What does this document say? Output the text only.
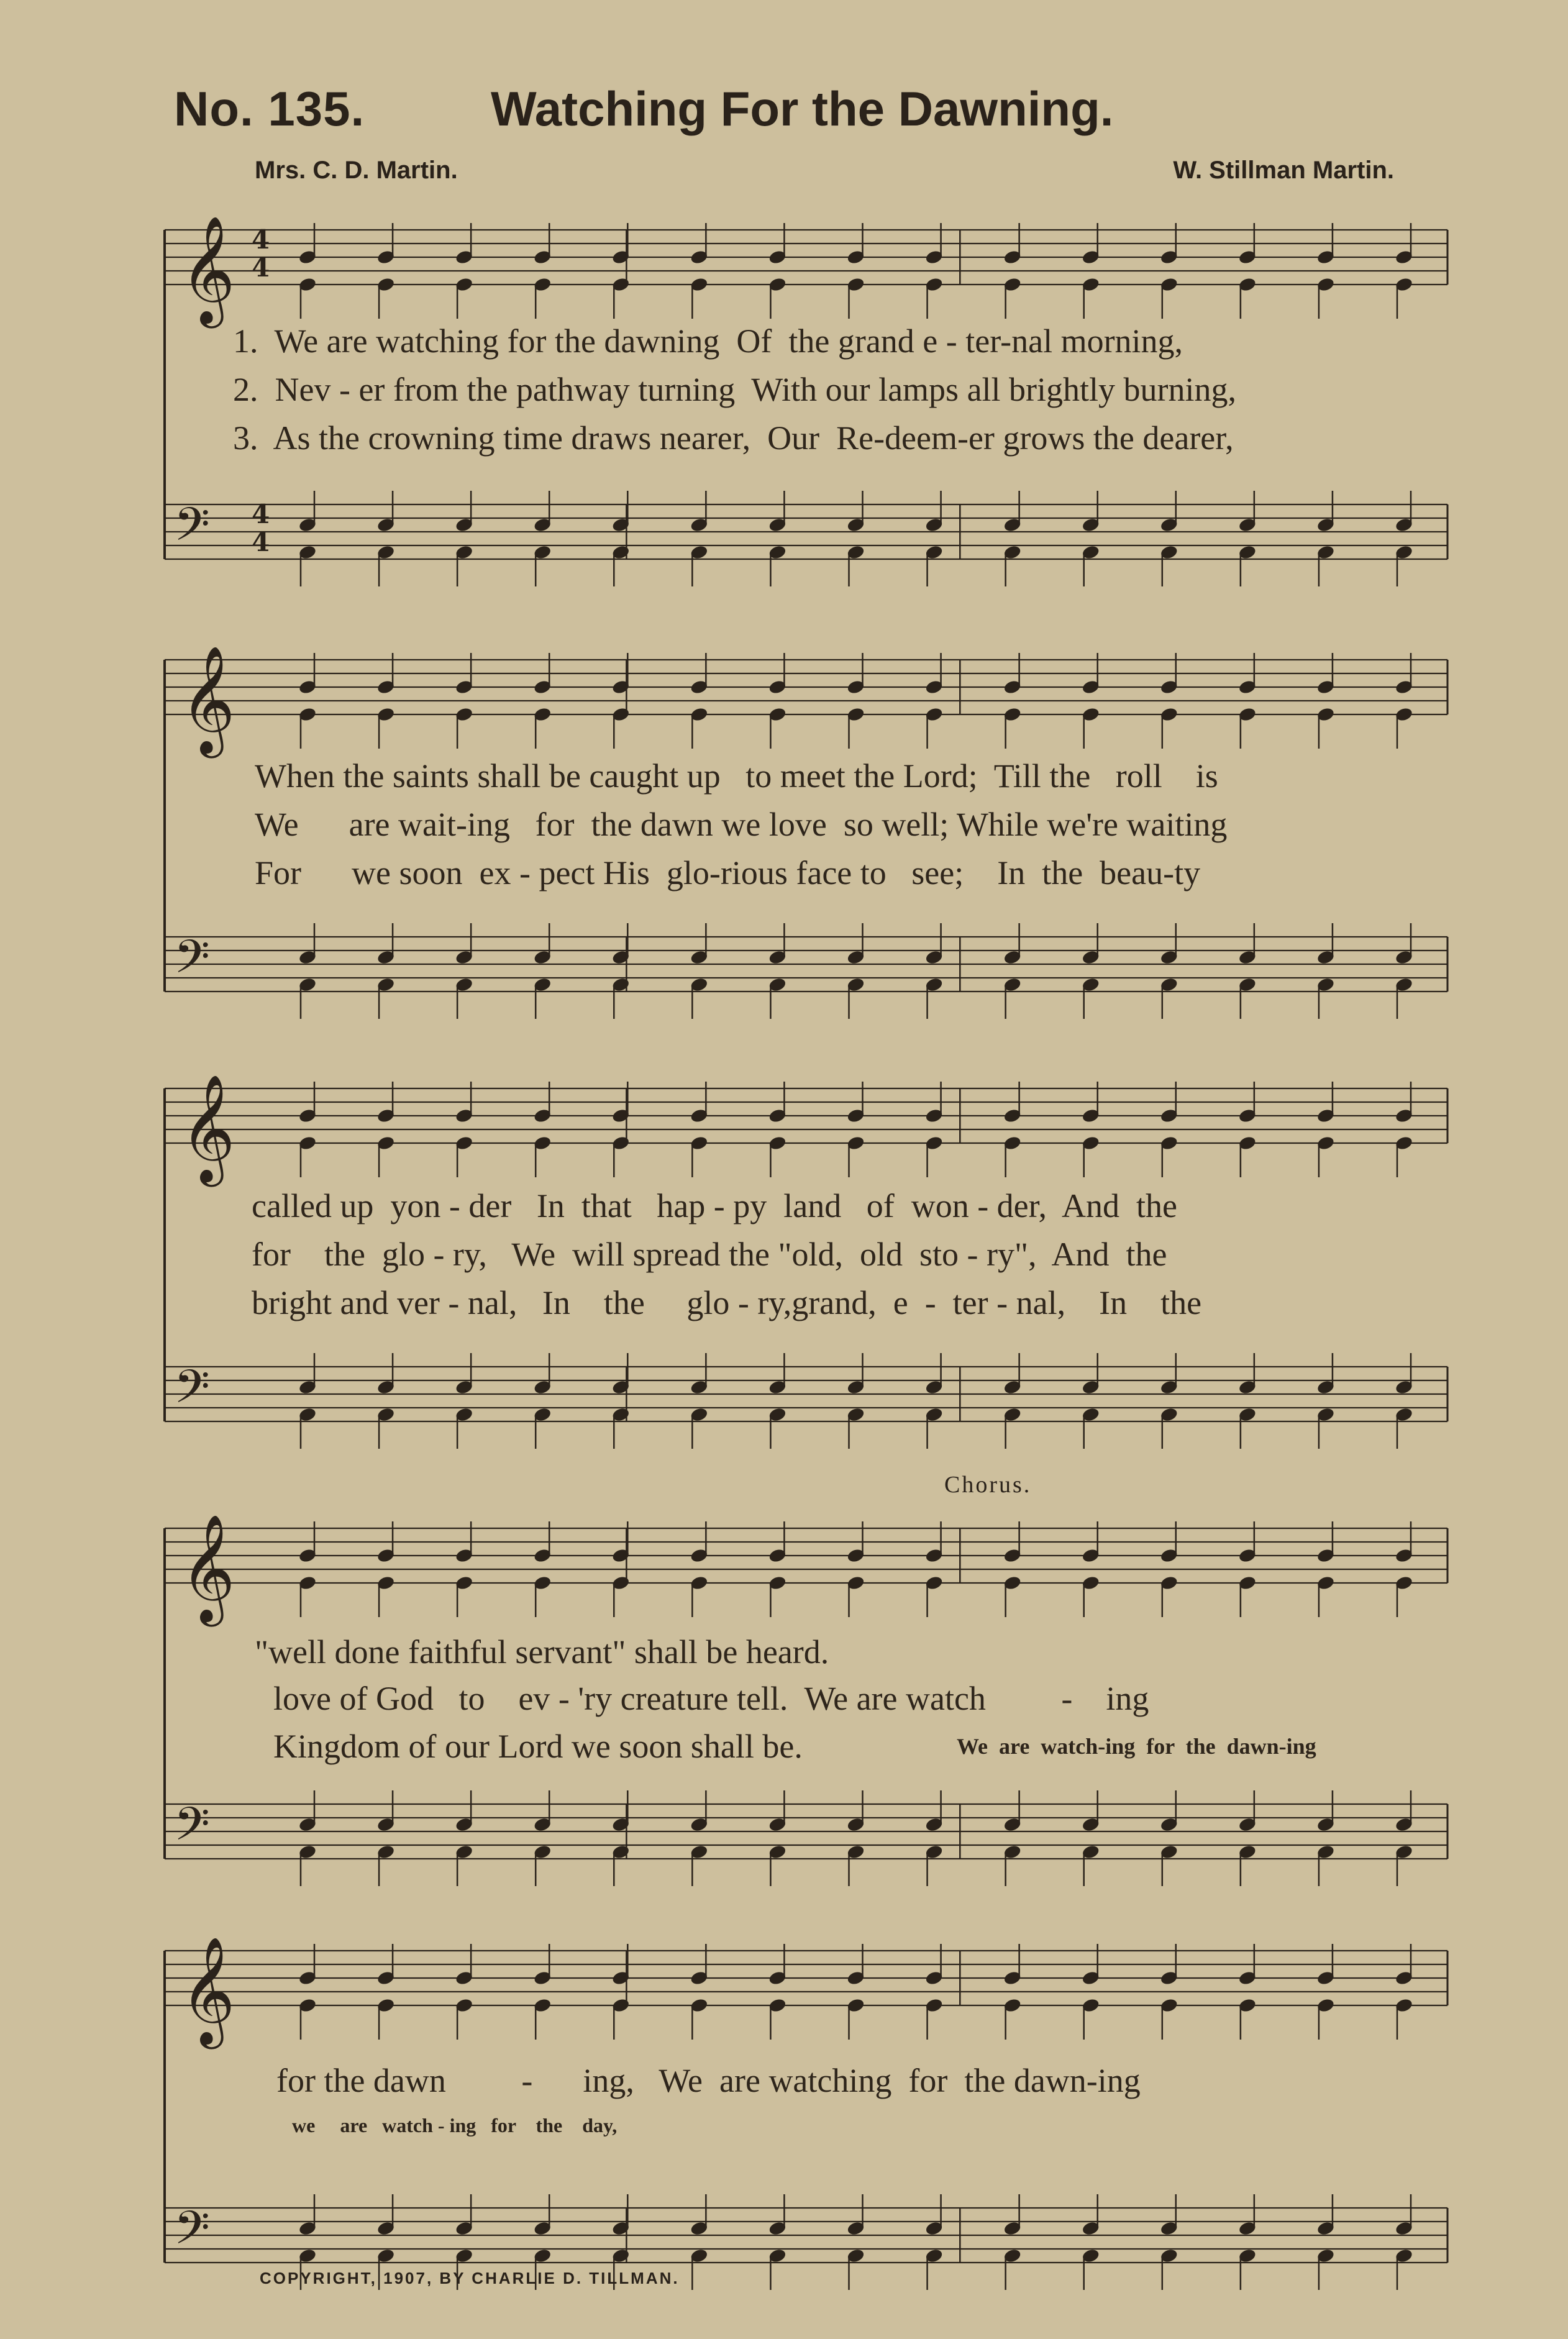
No. 135.	Watching For the Dawning.
Mrs. C. D. Martin.	W. Stillman Martin.
𝄞
𝄢
𝄞
𝄢
𝄞
𝄢
𝄞
𝄢
𝄞
𝄢
4
4
4
4
1.  We are watching for the dawning  Of  the grand e - ter-nal morning,
2.  Nev - er from the pathway turning  With our lamps all brightly burning,
3.  As the crowning time draws nearer,  Our  Re-deem-er grows the dearer,
When the saints shall be caught up   to meet the Lord;  Till the   roll    is
We      are wait-ing   for  the dawn we love  so well; While we're waiting
For      we soon  ex - pect His  glo-rious face to   see;    In  the  beau-ty
called up  yon - der   In  that   hap - py  land   of  won - der,  And  the
for    the  glo - ry,   We  will spread the "old,  old  sto - ry",  And  the
bright and ver - nal,   In    the     glo - ry,grand,  e  -  ter - nal,    In    the
Chorus.
"well done faithful servant" shall be heard.
love of God   to    ev - 'ry creature tell.  We are watch         -    ing
Kingdom of our Lord we soon shall be.	We  are  watch-ing  for  the  dawn-ing
for the dawn         -      ing,   We  are watching  for  the dawn-ing
we     are   watch - ing   for    the    day,
COPYRIGHT, 1907, BY CHARLIE D. TILLMAN.
